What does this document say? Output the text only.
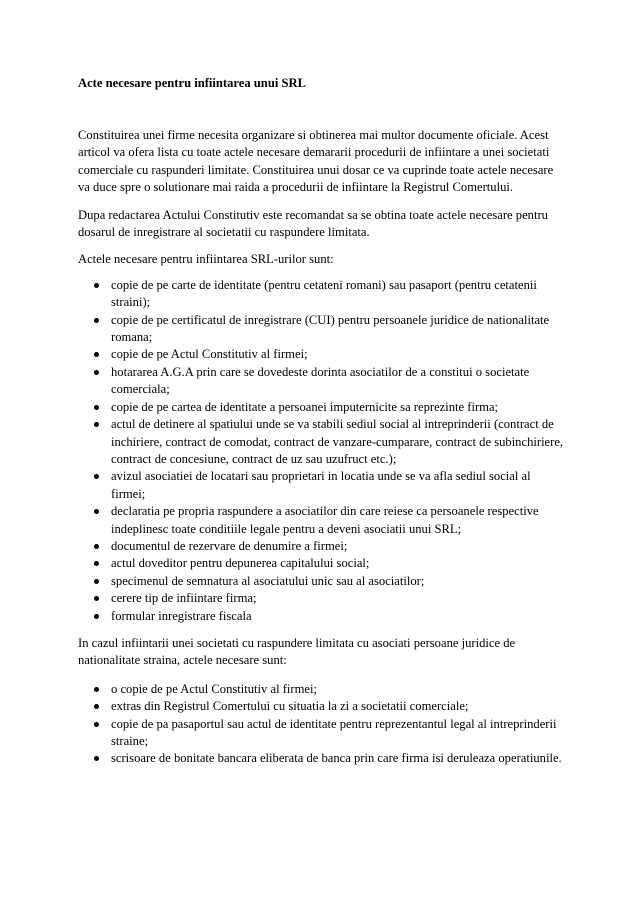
Acte necesare pentru infiintarea unui SRL

Constituirea unei firme necesita organizare si obtinerea mai multor documente oficiale. Acest articol va ofera lista cu toate actele necesare demararii procedurii de infiintare a unei societati comerciale cu raspunderi limitate. Constituirea unui dosar ce va cuprinde toate actele necesare va duce spre o solutionare mai raida a procedurii de infiintare la Registrul Comertului.

Dupa redactarea Actului Constitutiv este recomandat sa se obtina toate actele necesare pentru dosarul de inregistrare al societatii cu raspundere limitata.

Actele necesare pentru infiintarea SRL-urilor sunt:

copie de pe carte de identitate (pentru cetateni romani) sau pasaport (pentru cetatenii straini);
copie de pe certificatul de inregistrare (CUI) pentru persoanele juridice de nationalitate romana;
copie de pe Actul Constitutiv al firmei;
hotararea A.G.A prin care se dovedeste dorinta asociatilor de a constitui o societate comerciala;
copie de pe cartea de identitate a persoanei imputernicite sa reprezinte firma;
actul de detinere al spatiului unde se va stabili sediul social al intreprinderii (contract de inchiriere, contract de comodat, contract de vanzare-cumparare, contract de subinchiriere, contract de concesiune, contract de uz sau uzufruct etc.);
avizul asociatiei de locatari sau proprietari in locatia unde se va afla sediul social al firmei;
declaratia pe propria raspundere a asociatilor din care reiese ca persoanele respective indeplinesc toate conditiile legale pentru a deveni asociatii unui SRL;
documentul de rezervare de denumire a firmei;
actul doveditor pentru depunerea capitalului social;
specimenul de semnatura al asociatului unic sau al asociatilor;
cerere tip de infiintare firma;
formular inregistrare fiscala

In cazul infiintarii unei societati cu raspundere limitata cu asociati persoane juridice de nationalitate straina, actele necesare sunt:

o copie de pe Actul Constitutiv al firmei;
extras din Registrul Comertului cu situatia la zi a societatii comerciale;
copie de pa pasaportul sau actul de identitate pentru reprezentantul legal al intreprinderii straine;
scrisoare de bonitate bancara eliberata de banca prin care firma isi deruleaza operatiunile.
